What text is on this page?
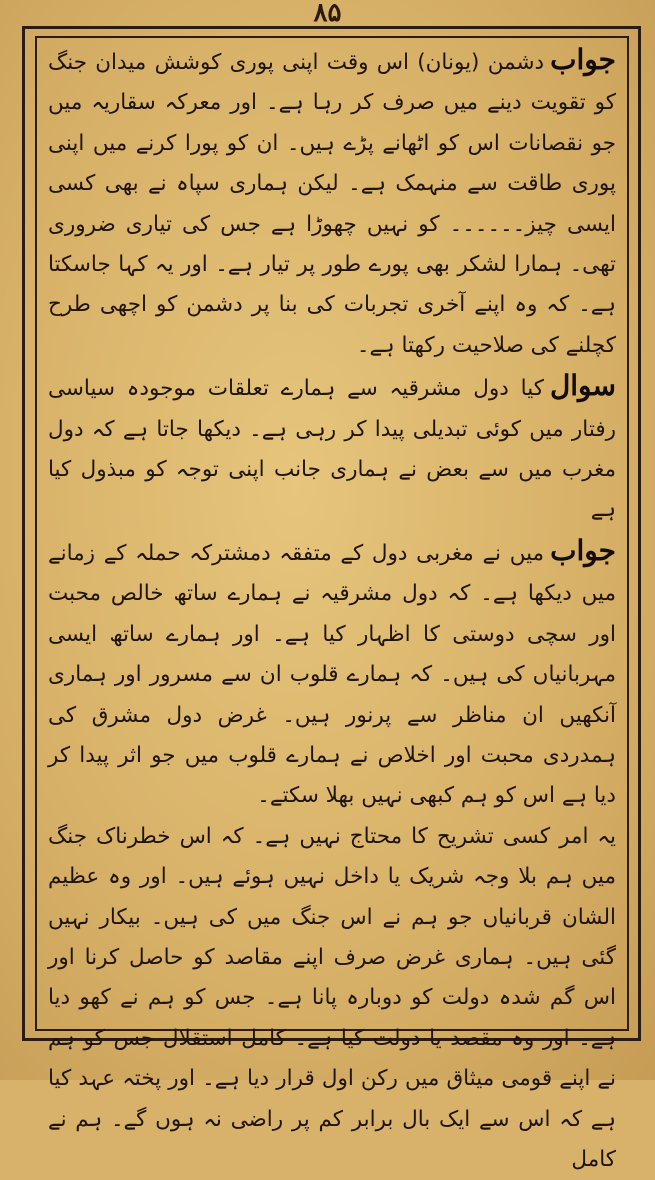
۸۵

جوابدشمن (یونان) اس وقت اپنی پوری کوشش میدان جنگ کو تقویت دینے میں صرف کر رہا ہے۔ اور معرکہ سقاریہ میں جو نقصانات اس کو اٹھانے پڑے ہیں۔ ان کو پورا کرنے میں اپنی پوری طاقت سے منہمک ہے۔ لیکن ہماری سپاہ نے بھی کسی ایسی چیز۔۔۔۔۔۔ کو نہیں چھوڑا ہے جس کی تیاری ضروری تھی۔ ہمارا لشکر بھی پورے طور پر تیار ہے۔ اور یہ کہا جاسکتا ہے۔ کہ وہ اپنے آخری تجربات کی بنا پر دشمن کو اچھی طرح کچلنے کی صلاحیت رکھتا ہے۔

سوالکیا دول مشرقیہ سے ہمارے تعلقات موجودہ سیاسی رفتار میں کوئی تبدیلی پیدا کر رہی ہے۔ دیکھا جاتا ہے کہ دول مغرب میں سے بعض نے ہماری جانب اپنی توجہ کو مبذول کیا ہے

جوابمیں نے مغربی دول کے متفقہ دمشترکہ حملہ کے زمانے میں دیکھا ہے۔ کہ دول مشرقیہ نے ہمارے ساتھ خالص محبت اور سچی دوستی کا اظہار کیا ہے۔ اور ہمارے ساتھ ایسی مہربانیاں کی ہیں۔ کہ ہمارے قلوب ان سے مسرور اور ہماری آنکھیں ان مناظر سے پرنور ہیں۔ غرض دول مشرق کی ہمدردی محبت اور اخلاص نے ہمارے قلوب میں جو اثر پیدا کر دیا ہے اس کو ہم کبھی نہیں بھلا سکتے۔

یہ امر کسی تشریح کا محتاج نہیں ہے۔ کہ اس خطرناک جنگ میں ہم بلا وجہ شریک یا داخل نہیں ہوئے ہیں۔ اور وہ عظیم الشان قربانیاں جو ہم نے اس جنگ میں کی ہیں۔ بیکار نہیں گئی ہیں۔ ہماری غرض صرف اپنے مقاصد کو حاصل کرنا اور اس گم شدہ دولت کو دوبارہ پانا ہے۔ جس کو ہم نے کھو دیا ہے۔ اور وہ مقصد یا دولت کیا ہے۔ کامل استقلال جس کو ہم نے اپنے قومی میثاق میں رکن اول قرار دیا ہے۔ اور پختہ عہد کیا ہے کہ اس سے ایک بال برابر کم پر راضی نہ ہوں گے۔ ہم نے کامل
